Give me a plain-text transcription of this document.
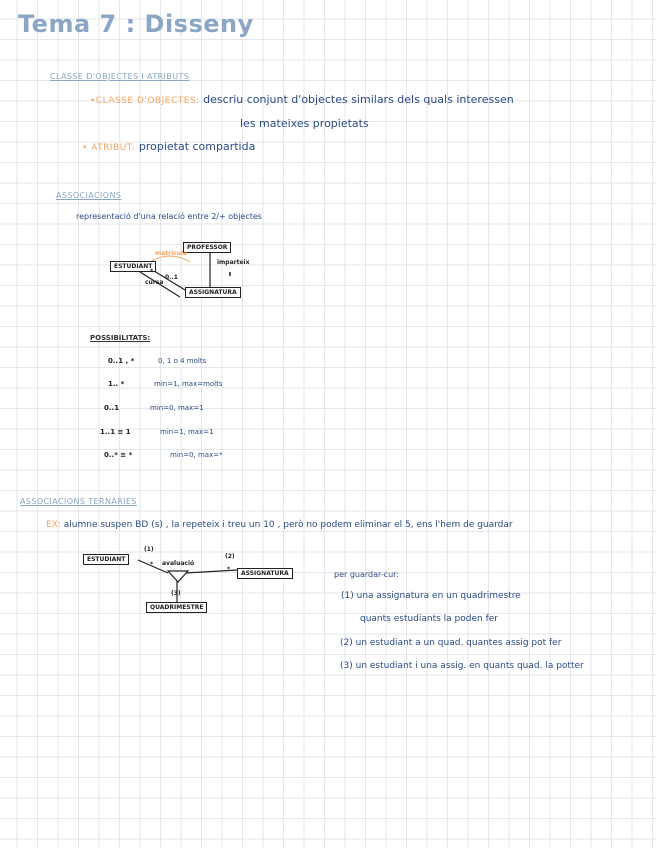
Tema 7 : Disseny
CLASSE D'OBJECTES I ATRIBUTS
•CLASSE D'OBJECTES: descriu conjunt d'objectes similars dels quals interessen
les mateixes propietats
• ATRIBUT: propietat compartida
ASSOCIACIONS
representació d'una relació entre 2/+ objectes
PROFESSOR
ESTUDIANT
ASSIGNATURA
imparteix
matricula
cursa
*
0..1
POSSIBILITATS:
0..1 , *	0, 1 o 4 molts
1.. *	min=1, max=molts
0..1	min=0, max=1
1..1 ≡ 1	min=1, max=1
0..* ≡ *	min=0, max=*
ASSOCIACIONS TERNÀRIES
EX: alumne suspen BD (s) , la repeteix i treu un 10 , però no podem eliminar el 5, ens l'hem de guardar
ESTUDIANT
ASSIGNATURA
QUADRIMESTRE
avaluació
(1)
(2)
(3)
*
*
per guardar-cur:
(1) una assignatura en un quadrimestre
quants estudiants la poden fer
(2) un estudiant a un quad. quantes assig pot fer
(3) un estudiant i una assig. en quants quad. la potter
